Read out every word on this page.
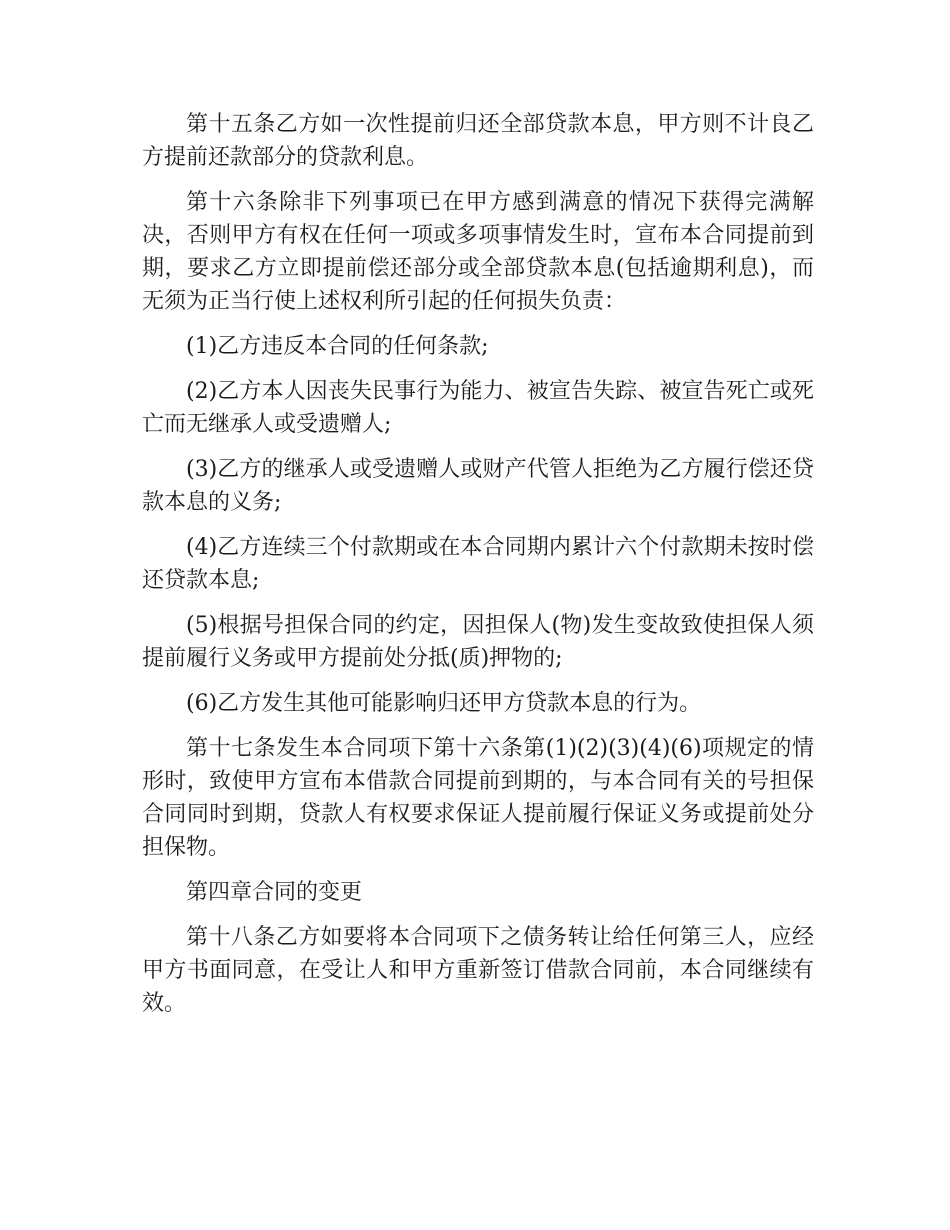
第十五条乙方如一次性提前归还全部贷款本息，甲方则不计良乙方提前还款部分的贷款利息。

第十六条除非下列事项已在甲方感到满意的情况下获得完满解决，否则甲方有权在任何一项或多项事情发生时，宣布本合同提前到期，要求乙方立即提前偿还部分或全部贷款本息(包括逾期利息)，而无须为正当行使上述权利所引起的任何损失负责：

(1)乙方违反本合同的任何条款;

(2)乙方本人因丧失民事行为能力、被宣告失踪、被宣告死亡或死亡而无继承人或受遗赠人;

(3)乙方的继承人或受遗赠人或财产代管人拒绝为乙方履行偿还贷款本息的义务;

(4)乙方连续三个付款期或在本合同期内累计六个付款期未按时偿还贷款本息;

(5)根据号担保合同的约定，因担保人(物)发生变故致使担保人须提前履行义务或甲方提前处分抵(质)押物的;

(6)乙方发生其他可能影响归还甲方贷款本息的行为。

第十七条发生本合同项下第十六条第(1)(2)(3)(4)(6)项规定的情形时，致使甲方宣布本借款合同提前到期的，与本合同有关的号担保合同同时到期，贷款人有权要求保证人提前履行保证义务或提前处分担保物。

第四章合同的变更

第十八条乙方如要将本合同项下之债务转让给任何第三人，应经甲方书面同意，在受让人和甲方重新签订借款合同前，本合同继续有效。
